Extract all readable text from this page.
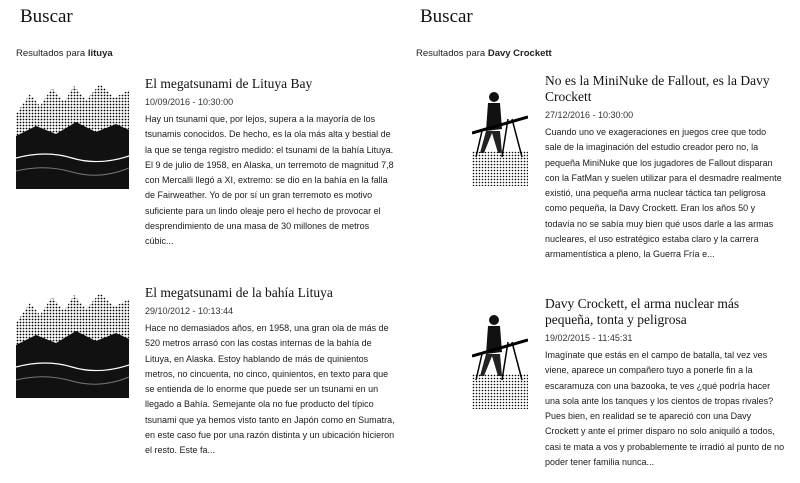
Buscar
Resultados para lituya
El megatsunami de Lituya Bay
10/09/2016 - 10:30:00

Hay un tsunami que, por lejos, supera a la mayoría de los tsunamis conocidos. De hecho, es la ola más alta y bestial de la que se tenga registro medido: el tsunami de la bahía Lituya. El 9 de julio de 1958, en Alaska, un terremoto de magnitud 7,8 con Mercalli llegó a XI, extremo: se dio en la bahía en la falla de Fairweather. Yo de por sí un gran terremoto es motivo suficiente para un lindo oleaje pero el hecho de provocar el desprendimiento de una masa de 30 millones de metros cúbic...

El megatsunami de la bahía Lituya
29/10/2012 - 10:13:44

Hace no demasiados años, en 1958, una gran ola de más de 520 metros arrasó con las costas internas de la bahía de Lituya, en Alaska. Estoy hablando de más de quinientos metros, no cincuenta, no cinco, quinientos, en texto para que se entienda de lo enorme que puede ser un tsunami en un llegado a Bahía. Semejante ola no fue producto del típico tsunami que ya hemos visto tanto en Japón como en Sumatra, en este caso fue por una razón distinta y un ubicación hicieron el resto. Este fa...

Buscar
Resultados para Davy Crockett
No es la MiniNuke de Fallout, es la Davy Crockett
27/12/2016 - 10:30:00

Cuando uno ve exageraciones en juegos cree que todo sale de la imaginación del estudio creador pero no, la pequeña MiniNuke que los jugadores de Fallout disparan con la FatMan y suelen utilizar para el desmadre realmente existió, una pequeña arma nuclear táctica tan peligrosa como pequeña, la Davy Crockett. Eran los años 50 y todavía no se sabía muy bien qué usos darle a las armas nucleares, el uso estratégico estaba claro y la carrera armamentística a pleno, la Guerra Fría e...

Davy Crockett, el arma nuclear más pequeña, tonta y peligrosa
19/02/2015 - 11:45:31

Imagínate que estás en el campo de batalla, tal vez ves viene, aparece un compañero tuyo a ponerle fin a la escaramuza con una bazooka, te ves ¿qué podría hacer una sola ante los tanques y los cientos de tropas rivales? Pues bien, en realidad se te apareció con una Davy Crockett y ante el primer disparo no solo aniquiló a todos, casi te mata a vos y probablemente te irradió al punto de no poder tener familia nunca...
